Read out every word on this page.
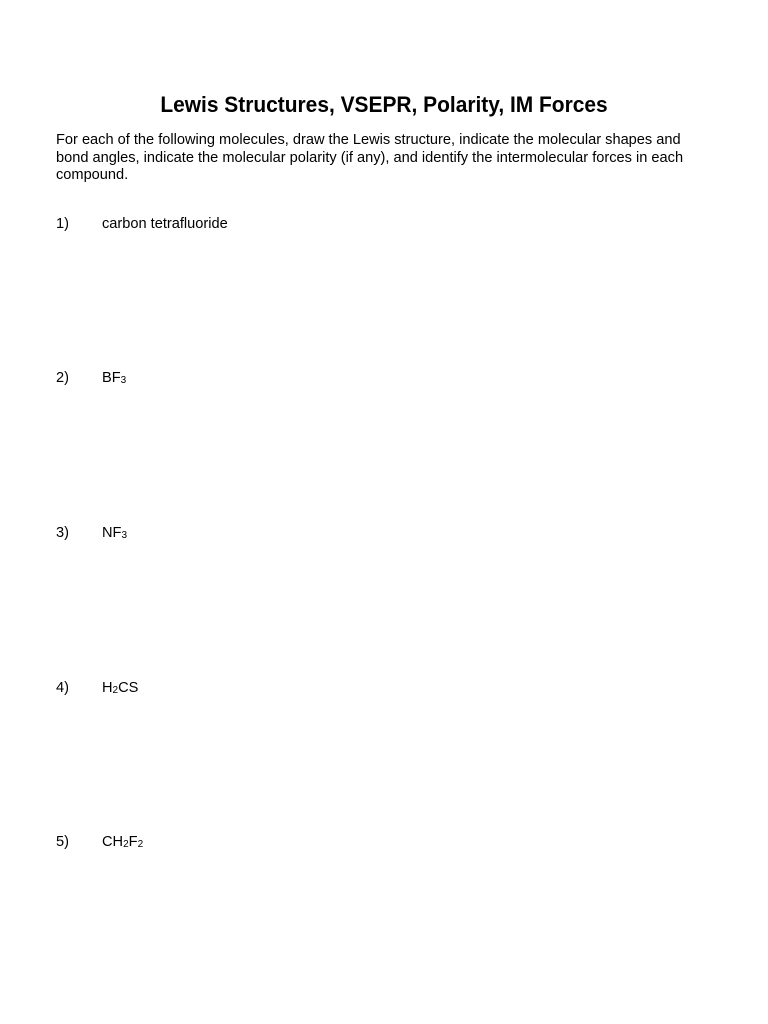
Lewis Structures, VSEPR, Polarity, IM Forces
For each of the following molecules, draw the Lewis structure, indicate the molecular shapes and
bond angles, indicate the molecular polarity (if any), and identify the intermolecular forces in each
compound.
1) carbon tetrafluoride
2) BF3
3) NF3
4) H2CS
5) CH2F2
